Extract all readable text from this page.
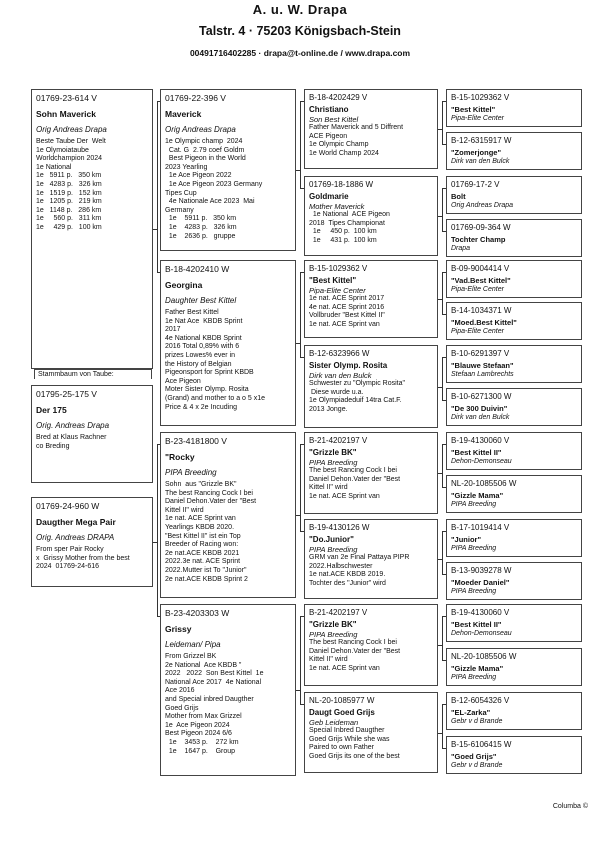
A. u. W. Drapa
Talstr. 4 · 75203 Königsbach-Stein
00491716402285 · drapa@t-online.de / www.drapa.com
01769-23-614 V
Sohn Maverick
Orig Andreas Drapa
Beste Taube Der  Welt
1e Olymoiataube
Worldchampion 2024
1e National
1e   5911 p.   350 km
1e   4283 p.   326 km
1e   1519 p.   152 km
1e   1205 p.   219 km
1e   1148 p.   286 km
1e     560 p.   311 km
1e     429 p.   100 km
01795-25-175 V
Der 175
Orig. Andreas Drapa
Bred at Klaus Rachner
co Breding
01769-24-960 W
Daugther Mega Pair
Orig. Andreas DRAPA
From sper Pair Rocky
x  Grissy Mother from the best
2024  01769-24-616
01769-22-396 V
Maverick
Orig Andreas Drapa
1e Olympic champ  2024
Cat. G  2.79 coef Goldm
Best Pigeon in the World
2023 Yearling
1e Ace Pigeon 2022
1e Ace Pigeon 2023 Germany
Tipes Cup
4e Nationale Ace 2023  Mai
Germany
1e    5911 p.   350 km
1e    4283 p.   326 km
1e    2636 p.   gruppe
B-18-4202410 W
Georgina
Daughter Best Kittel
Father Best Kittel
1e Nat Ace  KBDB Sprint
2017
4e National KBDB Sprint
2016 Total 0,89% with 6
prizes Lowes% ever in
the History of Belgian
Pigeonsport for Sprint KBDB
Ace Pigeon
Moter Sister Olymp. Rosita
(Grand) and mother to a o 5 x1e
Price & 4 x 2e Incuding
B-23-4181800 V
"Rocky
PIPA Breeding
Sohn  aus "Grizzle BK"
The best Rancing Cock I bei
Daniel Dehon.Vater der "Best
Kittel II" wird
1e nat. ACE Sprint van
Yearlings KBDB 2020.
"Best Kittel II" ist ein Top
Breeder of Racing won:
2e nat.ACE KBDB 2021
2022.3e nat. ACE Sprint
2022.Mutter ist To "Junior"
2e nat.ACE KBDB Sprint 2
B-23-4203303 W
Grissy
Leideman/ Pipa
From Grizzel BK
2e National  Ace KBDB "
2022   2022  Son Best Kittel  1e
National Ace 2017  4e National
Ace 2016
and Special inbred Daugther
Goed Grijs
Mother from Max Grizzel
1e  Ace Pigeon 2024
Best Pigeon 2024 6/6
1e    3453 p.    272 km
1e    1647 p.    Group
B-18-4202429 V
Christiano
Son Best Kittel
Father Maverick and 5 Diffrent
ACE Pigeon
1e Olympic Champ
1e World Champ 2024
01769-18-1886 W
Goldmarie
Mother Maverick
1e National  ACE Pigeon
2018  Tipes Championat
1e     450 p.  100 km
1e     431 p.  100 km
B-15-1029362 V
"Best Kittel"
Pipa-Elite Center
1e nat. ACE Sprint 2017
4e nat. ACE Sprint 2016
Vollbruder "Best Kittel II"
1e nat. ACE Sprint van
B-12-6323966 W
Sister Olymp. Rosita
Dirk van den Bulck
Schwester zu "Olympic Rosita"
Diese wurde u.a.
1e Olympiadeduif 14tra Cat.F.
2013 Jonge.
B-21-4202197 V
"Grizzle BK"
PIPA Breeding
The best Rancing Cock I bei
Daniel Dehon.Vater der "Best
Kittel II" wird
1e nat. ACE Sprint van
B-19-4130126 W
"Do.Junior"
PIPA Breeding
GRM van 2e Final Pattaya PIPR
2022.Halbschwester
1e nat.ACE KBDB 2019.
Tochter des "Junior" wird
B-21-4202197 V
"Grizzle BK"
PIPA Breeding
The best Rancing Cock I bei
Daniel Dehon.Vater der "Best
Kittel II" wird
1e nat. ACE Sprint van
NL-20-1085977 W
Daugt Goed Grijs
Geb Leideman
Special Inbred Daugther
Goed Grijs While she was
Paired to own Father
Goed Grijs its one of the best
B-15-1029362 V
"Best Kittel"
Pipa-Elite Center
B-12-6315917 W
"Zomerjonge"
Dirk van den Bulck
01769-17-2 V
Bolt
Orig Andreas Drapa
01769-09-364 W
Tochter Champ
Drapa
B-09-9004414 V
"Vad.Best Kittel"
Pipa-Elite Center
B-14-1034371 W
"Moed.Best Kittel"
Pipa-Elite Center
B-10-6291397 V
"Blauwe Stefaan"
Stefaan Lambrechts
B-10-6271300 W
"De 300 Duivin"
Dirk van den Bulck
B-19-4130060 V
"Best Kittel II"
Dehon-Demonseau
NL-20-1085506 W
"Gizzle Mama"
PIPA Breeding
B-17-1019414 V
"Junior"
PIPA Breeding
B-13-9039278 W
"Moeder Daniel"
PIPA Breeding
B-19-4130060 V
"Best Kittel II"
Dehon-Demonseau
NL-20-1085506 W
"Gizzle Mama"
PIPA Breeding
B-12-6054326 V
"EL-Zarka"
Gebr v d Brande
B-15-6106415 W
"Goed Grijs"
Gebr v d Brande
Stammbaum von Taube:
Columba ©
